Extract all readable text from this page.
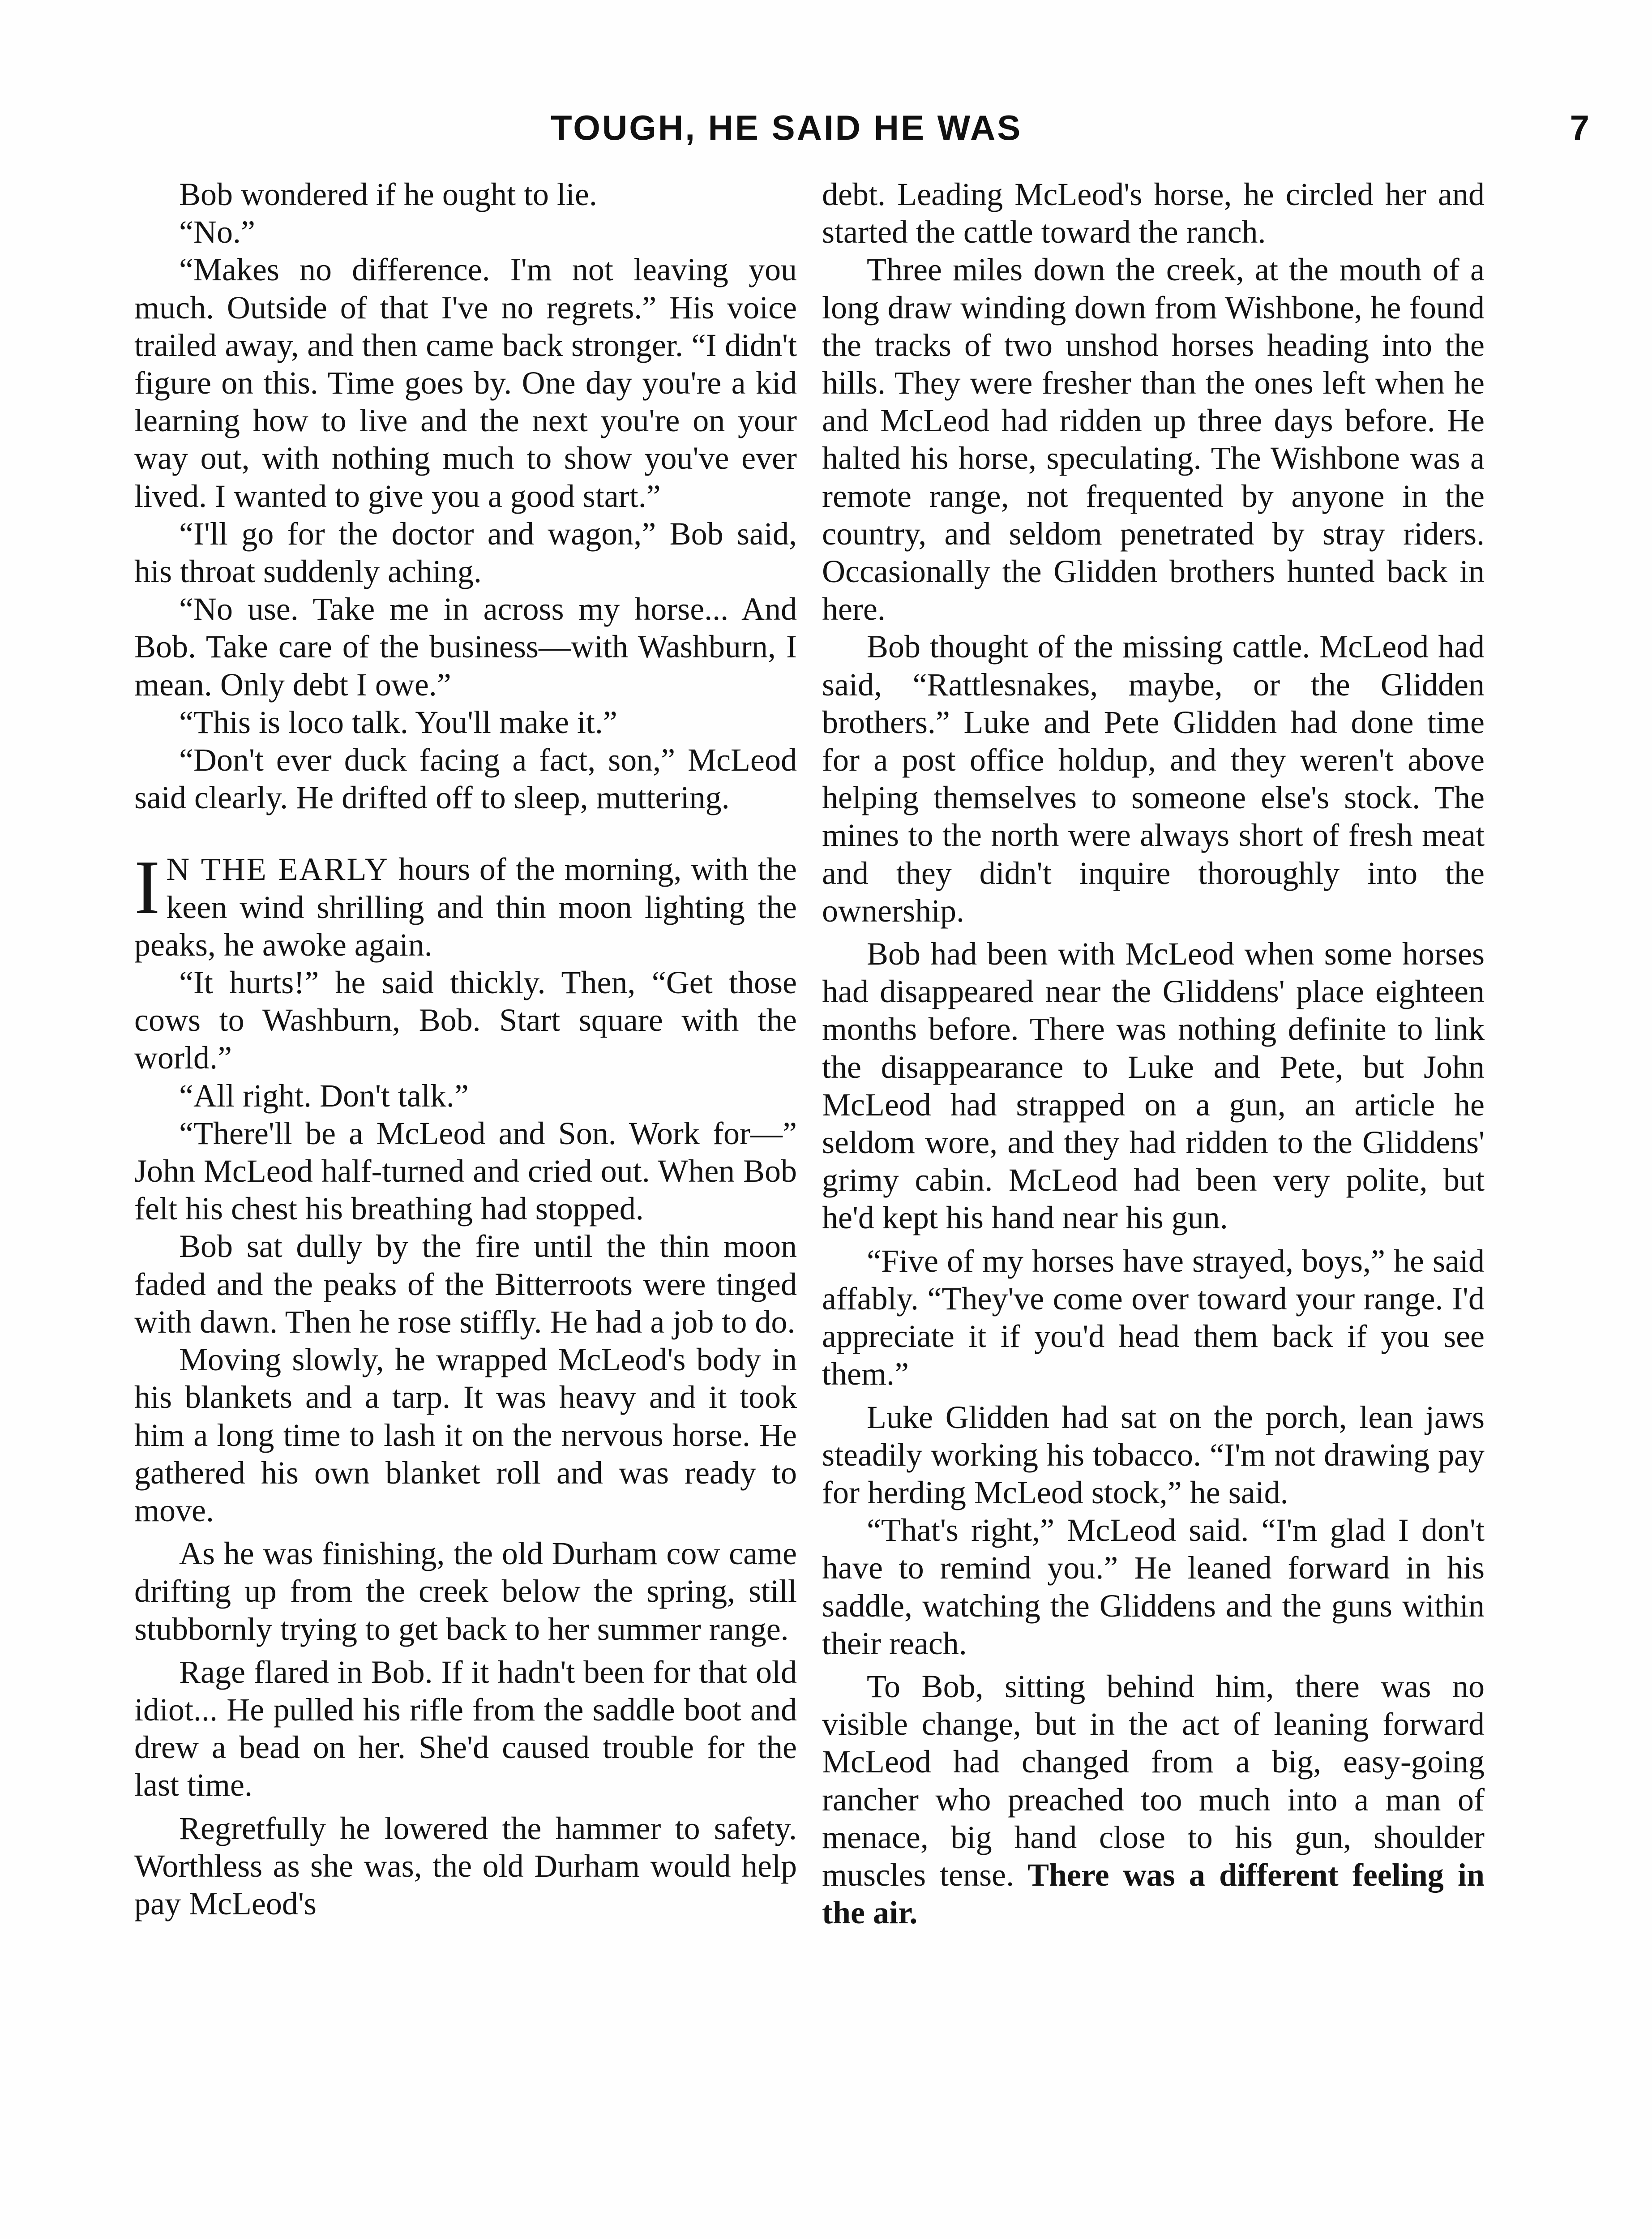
TOUGH, HE SAID HE WAS	7

Bob wondered if he ought to lie.

“No.”

“Makes no difference. I'm not leaving you much. Outside of that I've no regrets.” His voice trailed away, and then came back stronger. “I didn't figure on this. Time goes by. One day you're a kid learning how to live and the next you're on your way out, with nothing much to show you've ever lived. I wanted to give you a good start.”

“I'll go for the doctor and wagon,” Bob said, his throat suddenly aching.

“No use. Take me in across my horse... And Bob. Take care of the business—with Washburn, I mean. Only debt I owe.”

“This is loco talk. You'll make it.”

“Don't ever duck facing a fact, son,” McLeod said clearly. He drifted off to sleep, muttering.

I N THE EARLY hours of the morning, with the keen wind shrilling and thin moon lighting the peaks, he awoke again.

“It hurts!” he said thickly. Then, “Get those cows to Washburn, Bob. Start square with the world.”

“All right. Don't talk.”

“There'll be a McLeod and Son. Work for—” John McLeod half-turned and cried out. When Bob felt his chest his breathing had stopped.

Bob sat dully by the fire until the thin moon faded and the peaks of the Bitterroots were tinged with dawn. Then he rose stiffly. He had a job to do.

Moving slowly, he wrapped McLeod's body in his blankets and a tarp. It was heavy and it took him a long time to lash it on the nervous horse. He gathered his own blanket roll and was ready to move.

As he was finishing, the old Durham cow came drifting up from the creek below the spring, still stubbornly trying to get back to her summer range.

Rage flared in Bob. If it hadn't been for that old idiot... He pulled his rifle from the saddle boot and drew a bead on her. She'd caused trouble for the last time.

Regretfully he lowered the hammer to safety. Worthless as she was, the old Durham would help pay McLeod's

debt. Leading McLeod's horse, he circled her and started the cattle toward the ranch.

Three miles down the creek, at the mouth of a long draw winding down from Wishbone, he found the tracks of two unshod horses heading into the hills. They were fresher than the ones left when he and McLeod had ridden up three days before. He halted his horse, speculating. The Wishbone was a remote range, not frequented by anyone in the country, and seldom penetrated by stray riders. Occasionally the Glidden brothers hunted back in here.

Bob thought of the missing cattle. McLeod had said, “Rattlesnakes, maybe, or the Glidden brothers.” Luke and Pete Glidden had done time for a post office holdup, and they weren't above helping themselves to someone else's stock. The mines to the north were always short of fresh meat and they didn't inquire thoroughly into the ownership.

Bob had been with McLeod when some horses had disappeared near the Gliddens' place eighteen months before. There was nothing definite to link the disappearance to Luke and Pete, but John McLeod had strapped on a gun, an article he seldom wore, and they had ridden to the Gliddens' grimy cabin. McLeod had been very polite, but he'd kept his hand near his gun.

“Five of my horses have strayed, boys,” he said affably. “They've come over toward your range. I'd appreciate it if you'd head them back if you see them.”

Luke Glidden had sat on the porch, lean jaws steadily working his tobacco. “I'm not drawing pay for herding McLeod stock,” he said.

“That's right,” McLeod said. “I'm glad I don't have to remind you.” He leaned forward in his saddle, watching the Gliddens and the guns within their reach.

To Bob, sitting behind him, there was no visible change, but in the act of leaning forward McLeod had changed from a big, easy-going rancher who preached too much into a man of menace, big hand close to his gun, shoulder muscles tense. There was a different feeling in the air.
